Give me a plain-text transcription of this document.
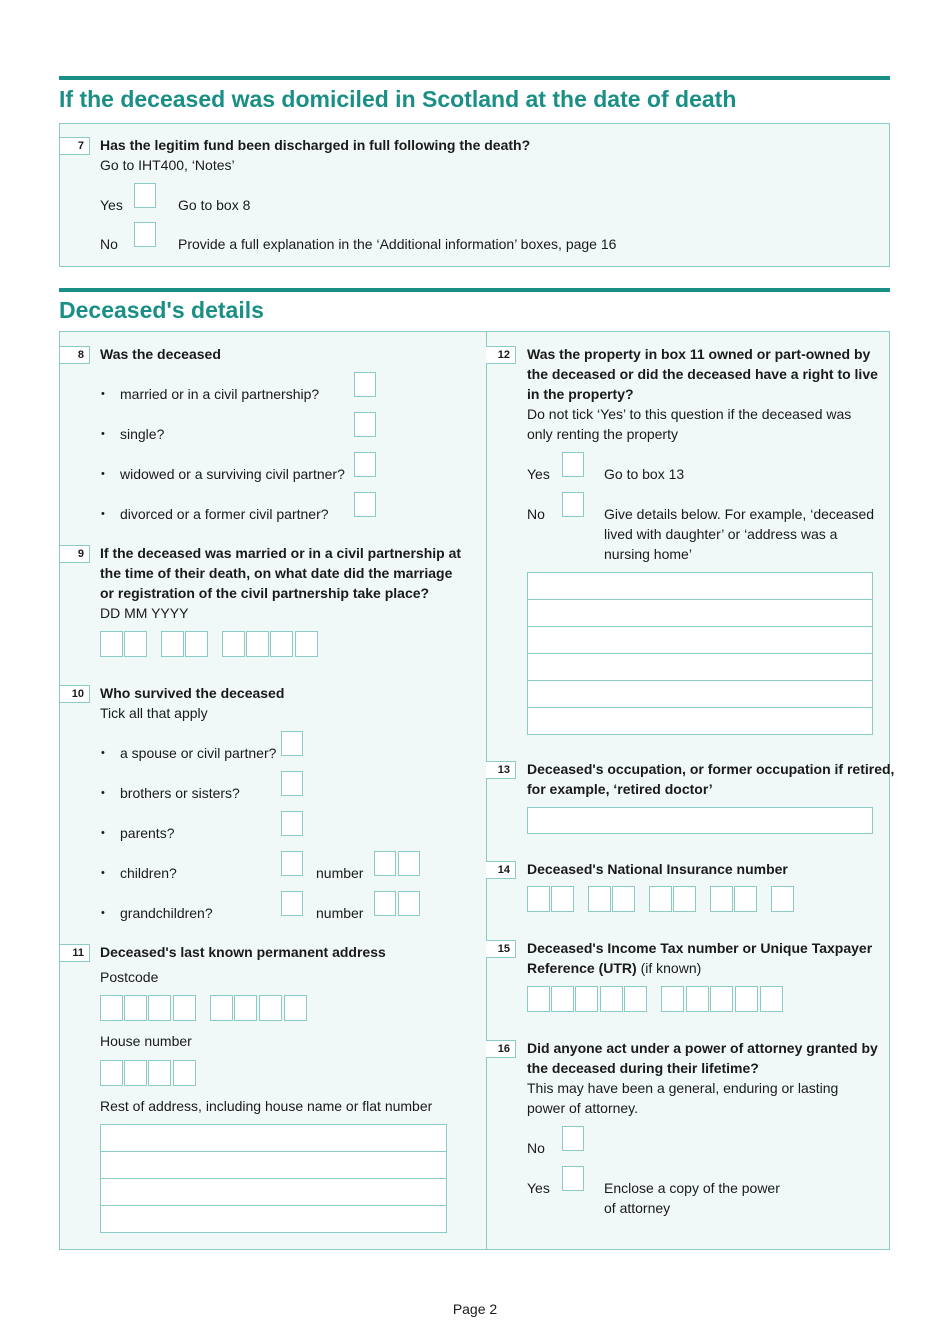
If the deceased was domiciled in Scotland at the date of death
7	Has the legitim fund been discharged in full following the death?
Go to IHT400, ‘Notes’
Yes	Go to box 8
No	Provide a full explanation in the ‘Additional information’ boxes, page 16
Deceased's details
8	Was the deceased
• married or in a civil partnership?
• single?
• widowed or a surviving civil partner?
• divorced or a former civil partner?
9	If the deceased was married or in a civil partnership at
the time of their death, on what date did the marriage
or registration of the civil partnership take place?
DD MM YYYY
10	Who survived the deceased
Tick all that apply
• a spouse or civil partner?
• brothers or sisters?
• parents?
• children?	number
• grandchildren?	number
11	Deceased's last known permanent address
Postcode
House number
Rest of address, including house name or flat number
12	Was the property in box 11 owned or part-owned by
the deceased or did the deceased have a right to live
in the property?
Do not tick ‘Yes’ to this question if the deceased was
only renting the property
Yes	Go to box 13
No	Give details below. For example, ‘deceased
lived with daughter’ or ‘address was a
nursing home’
13	Deceased's occupation, or former occupation if retired,
for example, ‘retired doctor’
14	Deceased's National Insurance number
15	Deceased's Income Tax number or Unique Taxpayer
Reference (UTR) (if known)
16	Did anyone act under a power of attorney granted by
the deceased during their lifetime?
This may have been a general, enduring or lasting
power of attorney.
No
Yes	Enclose a copy of the power
of attorney
Page 2
